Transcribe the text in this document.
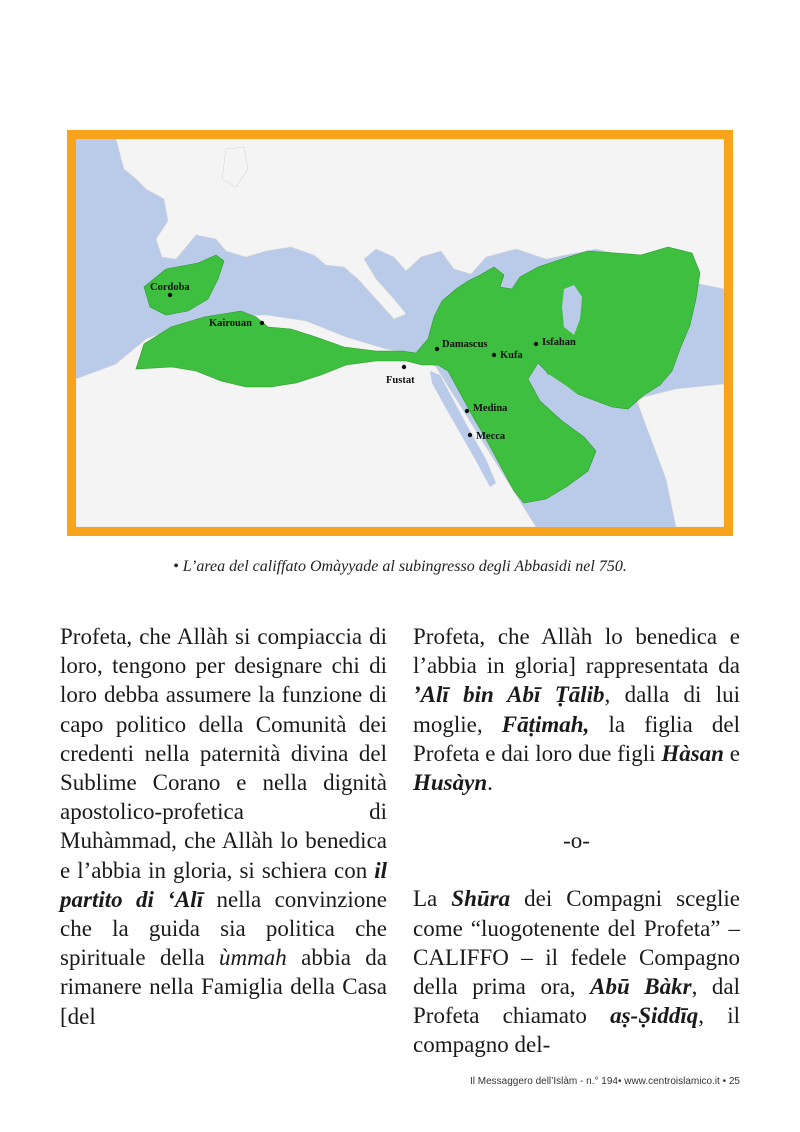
Cordoba
Kairouan
Damascus
Kufa
Isfahan
Fustat
Medina
Mecca
• L’area del califfato Omàyyade al subingresso degli Abbasidi nel 750.

Profeta, che Allàh si compiaccia di loro, tengono per designare chi di loro debba assumere la funzione di capo politico della Comunità dei credenti nella paternità divina del Sublime Corano e nella dignità apostolico-profetica di Muhàmmad, che Allàh lo benedica e l’abbia in gloria, si schiera con il partito di ‘Alī nella convinzione che la guida sia politica che spirituale della ùmmah abbia da rimanere nella Famiglia della Casa [del

Profeta, che Allàh lo benedica e l’abbia in gloria] rappresentata da ’Alī bin Abī Ṭālib, dalla di lui moglie, Fāṭimah, la figlia del Profeta e dai loro due figli Hàsan e Husàyn.

-o-

La Shūra dei Compagni sceglie come “luogotenente del Profeta” – CALIFFO – il fedele Compagno della prima ora, Abū Bàkr, dal Profeta chiamato aṣ-Ṣiddīq, il compagno del-

Il Messaggero dell’Islàm - n.° 194• www.centroislamico.it • 25
